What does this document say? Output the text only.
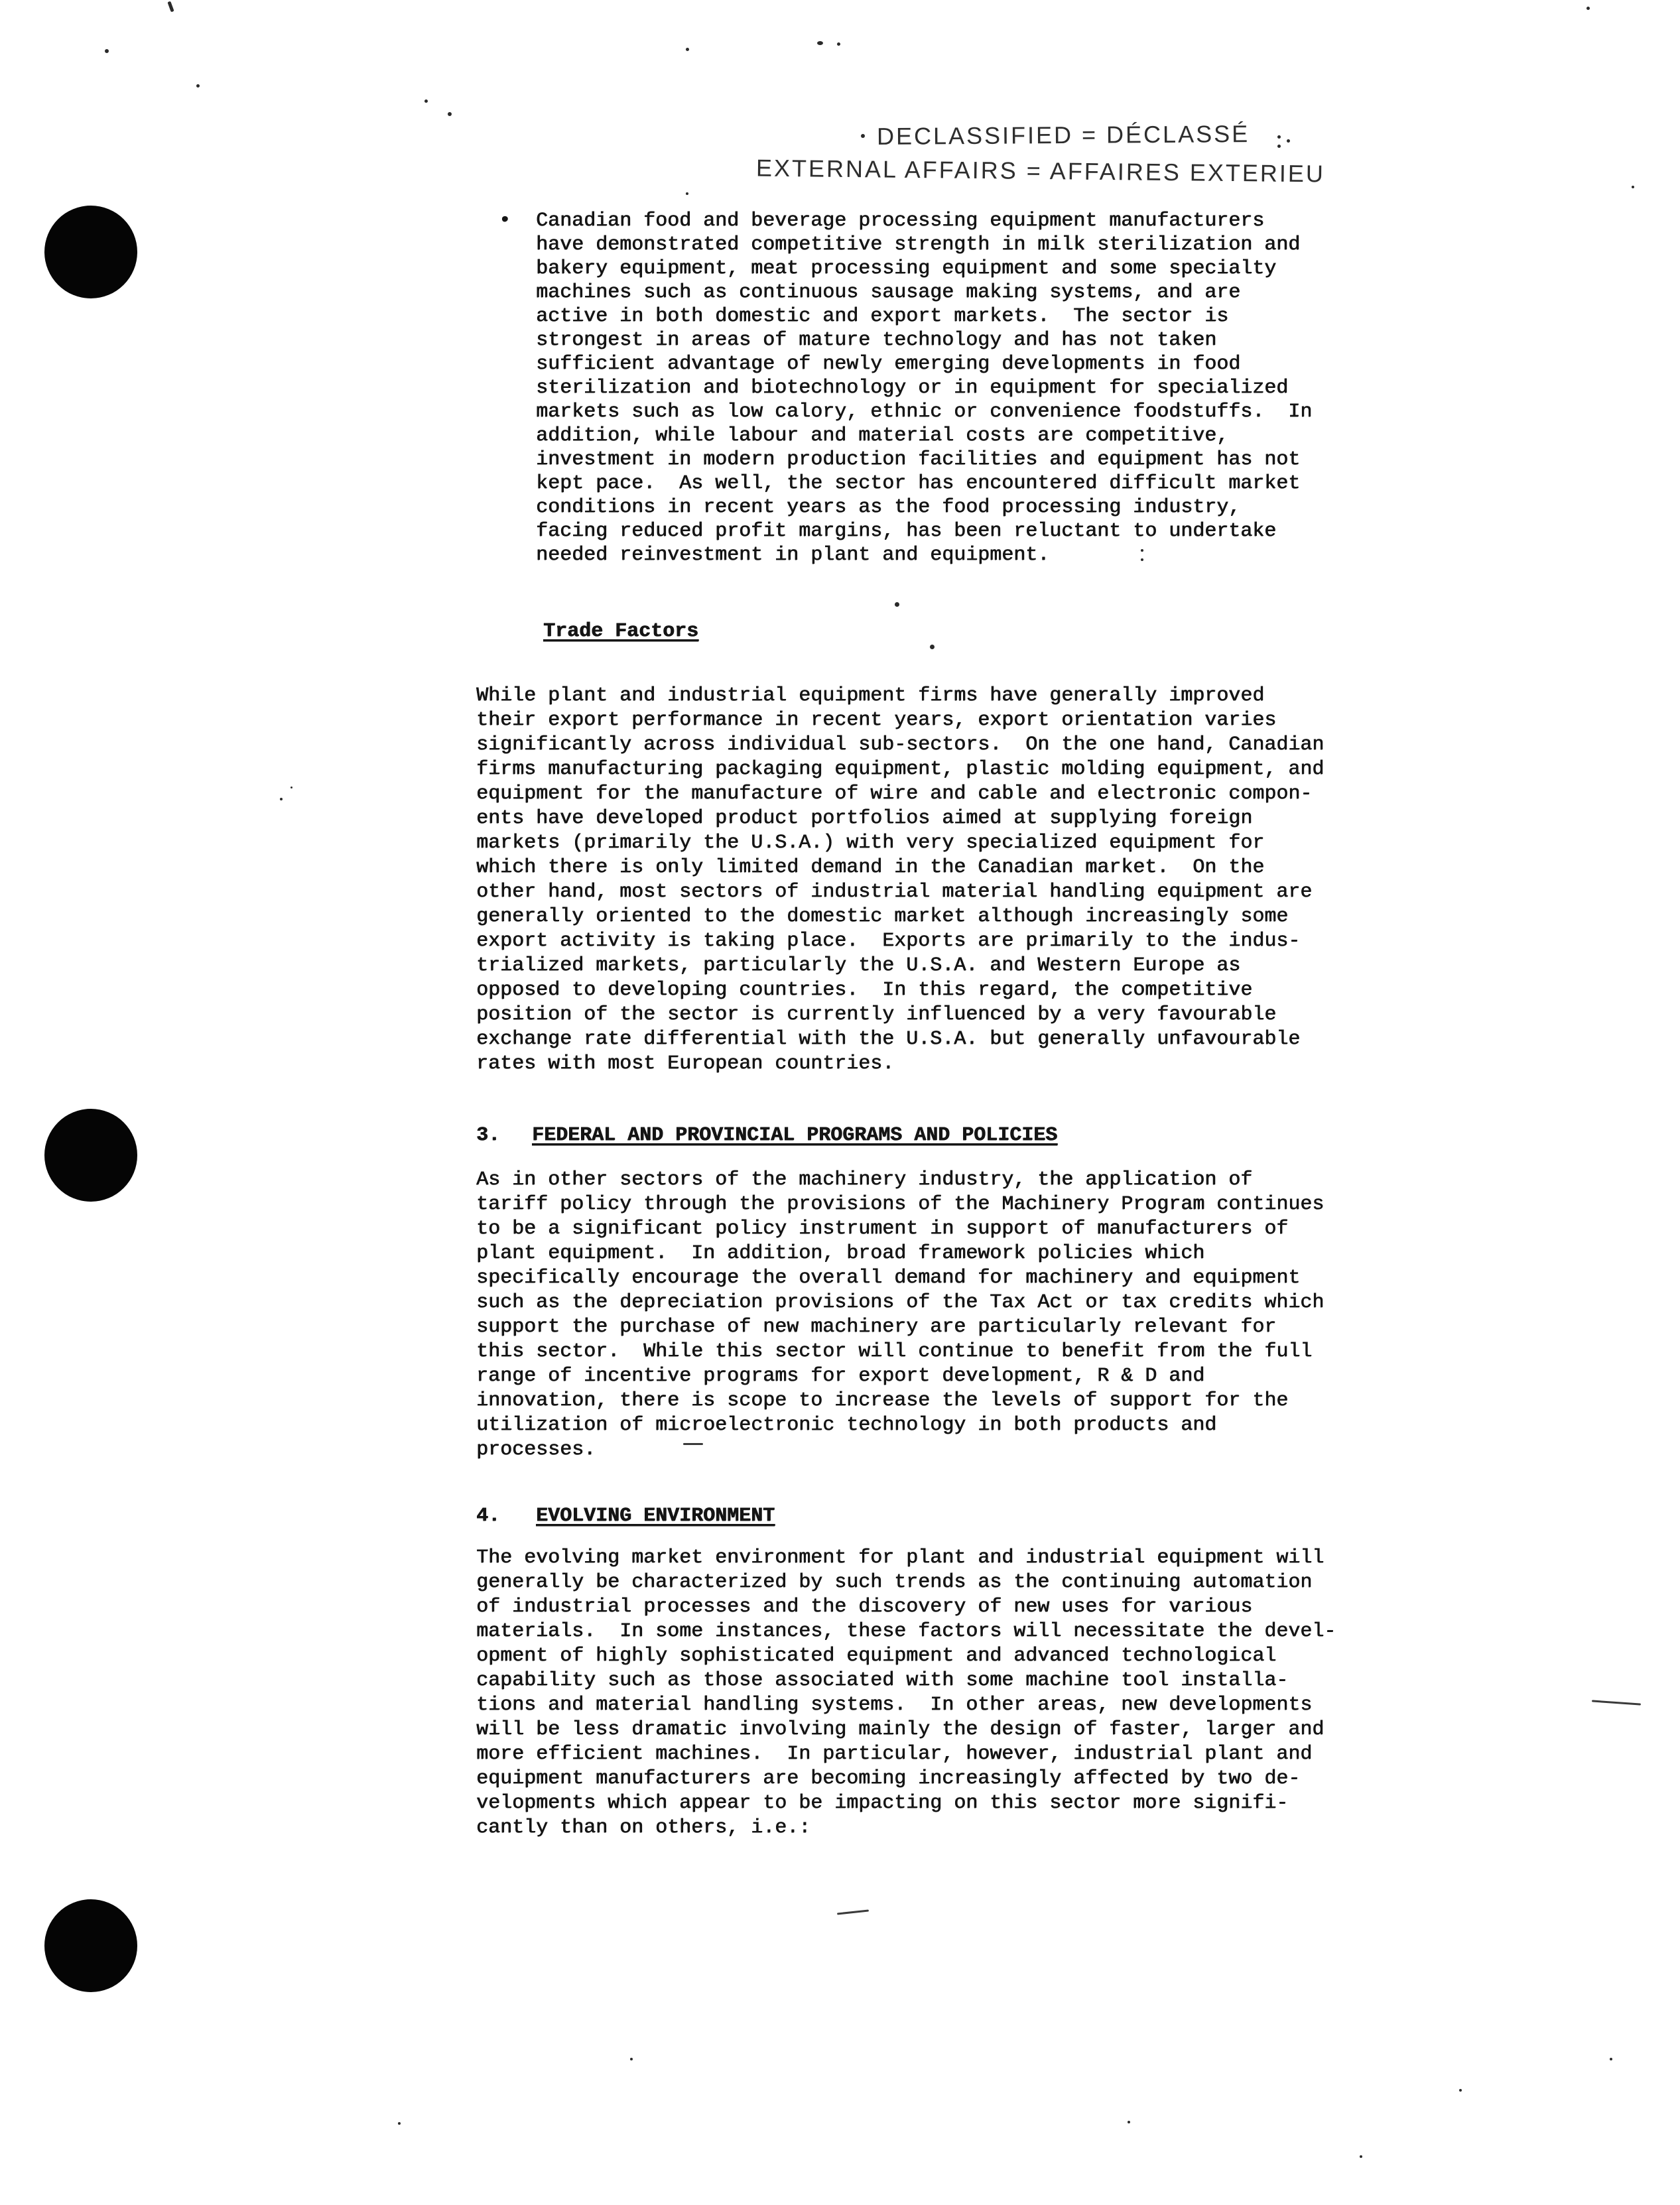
DECLASSIFIED = DÉCLASSÉ
EXTERNAL AFFAIRS = AFFAIRES EXTERIEU
• Canadian food and beverage processing equipment manufacturers
have demonstrated competitive strength in milk sterilization and
bakery equipment, meat processing equipment and some specialty
machines such as continuous sausage making systems, and are
active in both domestic and export markets.  The sector is
strongest in areas of mature technology and has not taken
sufficient advantage of newly emerging developments in food
sterilization and biotechnology or in equipment for specialized
markets such as low calory, ethnic or convenience foodstuffs.  In
addition, while labour and material costs are competitive,
investment in modern production facilities and equipment has not
kept pace.  As well, the sector has encountered difficult market
conditions in recent years as the food processing industry,
facing reduced profit margins, has been reluctant to undertake
needed reinvestment in plant and equipment.
Trade Factors
While plant and industrial equipment firms have generally improved
their export performance in recent years, export orientation varies
significantly across individual sub-sectors.  On the one hand, Canadian
firms manufacturing packaging equipment, plastic molding equipment, and
equipment for the manufacture of wire and cable and electronic compon-
ents have developed product portfolios aimed at supplying foreign
markets (primarily the U.S.A.) with very specialized equipment for
which there is only limited demand in the Canadian market.  On the
other hand, most sectors of industrial material handling equipment are
generally oriented to the domestic market although increasingly some
export activity is taking place.  Exports are primarily to the indus-
trialized markets, particularly the U.S.A. and Western Europe as
opposed to developing countries.  In this regard, the competitive
position of the sector is currently influenced by a very favourable
exchange rate differential with the U.S.A. but generally unfavourable
rates with most European countries.
3. FEDERAL AND PROVINCIAL PROGRAMS AND POLICIES
As in other sectors of the machinery industry, the application of
tariff policy through the provisions of the Machinery Program continues
to be a significant policy instrument in support of manufacturers of
plant equipment.  In addition, broad framework policies which
specifically encourage the overall demand for machinery and equipment
such as the depreciation provisions of the Tax Act or tax credits which
support the purchase of new machinery are particularly relevant for
this sector.  While this sector will continue to benefit from the full
range of incentive programs for export development, R & D and
innovation, there is scope to increase the levels of support for the
utilization of microelectronic technology in both products and
processes.
4. EVOLVING ENVIRONMENT
The evolving market environment for plant and industrial equipment will
generally be characterized by such trends as the continuing automation
of industrial processes and the discovery of new uses for various
materials.  In some instances, these factors will necessitate the devel-
opment of highly sophisticated equipment and advanced technological
capability such as those associated with some machine tool installa-
tions and material handling systems.  In other areas, new developments
will be less dramatic involving mainly the design of faster, larger and
more efficient machines.  In particular, however, industrial plant and
equipment manufacturers are becoming increasingly affected by two de-
velopments which appear to be impacting on this sector more signifi-
cantly than on others, i.e.:
